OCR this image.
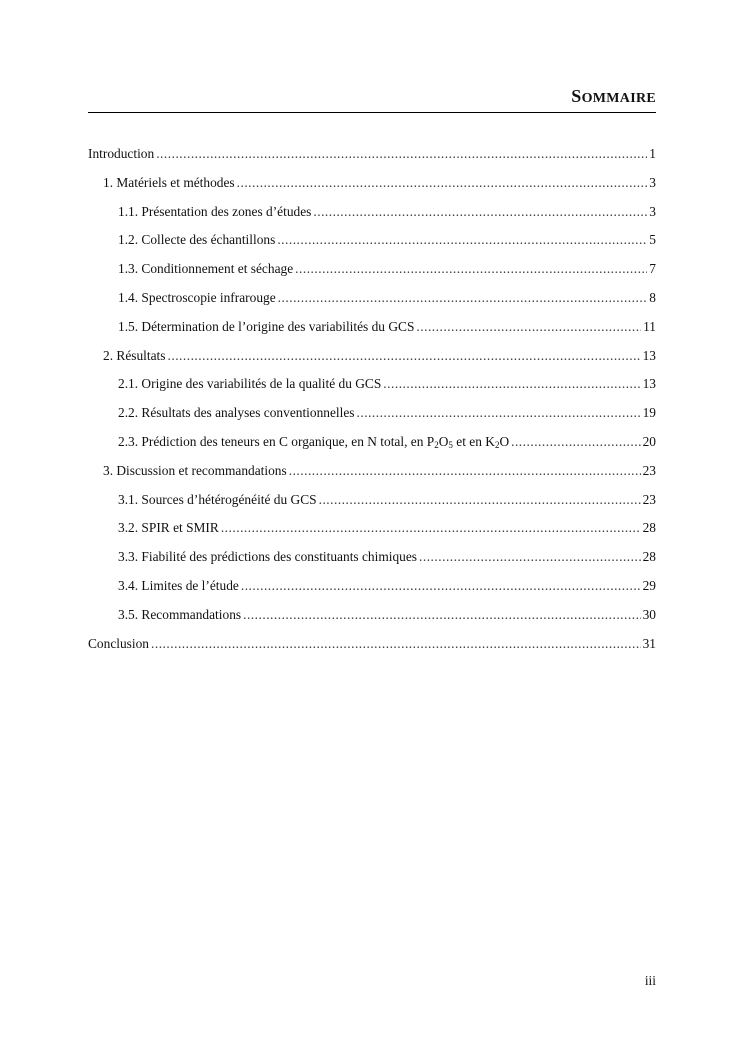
SOMMAIRE
Introduction .....	1
1. Matériels et méthodes .....	3
1.1. Présentation des zones d’études .....	3
1.2. Collecte des échantillons .....	5
1.3. Conditionnement et séchage .....	7
1.4. Spectroscopie infrarouge .....	8
1.5. Détermination de l’origine des variabilités du GCS .....	11
2. Résultats .....	13
2.1. Origine des variabilités de la qualité du GCS .....	13
2.2. Résultats des analyses conventionnelles .....	19
2.3. Prédiction des teneurs en C organique, en N total, en $P_2O_5$ et en $K_2O$ .....	20
3. Discussion et recommandations .....	23
3.1. Sources d’hétérogénéité du GCS .....	23
3.2. SPIR et SMIR .....	28
3.3. Fiabilité des prédictions des constituants chimiques .....	28
3.4. Limites de l’étude .....	29
3.5. Recommandations .....	30
Conclusion .....	31
iii
